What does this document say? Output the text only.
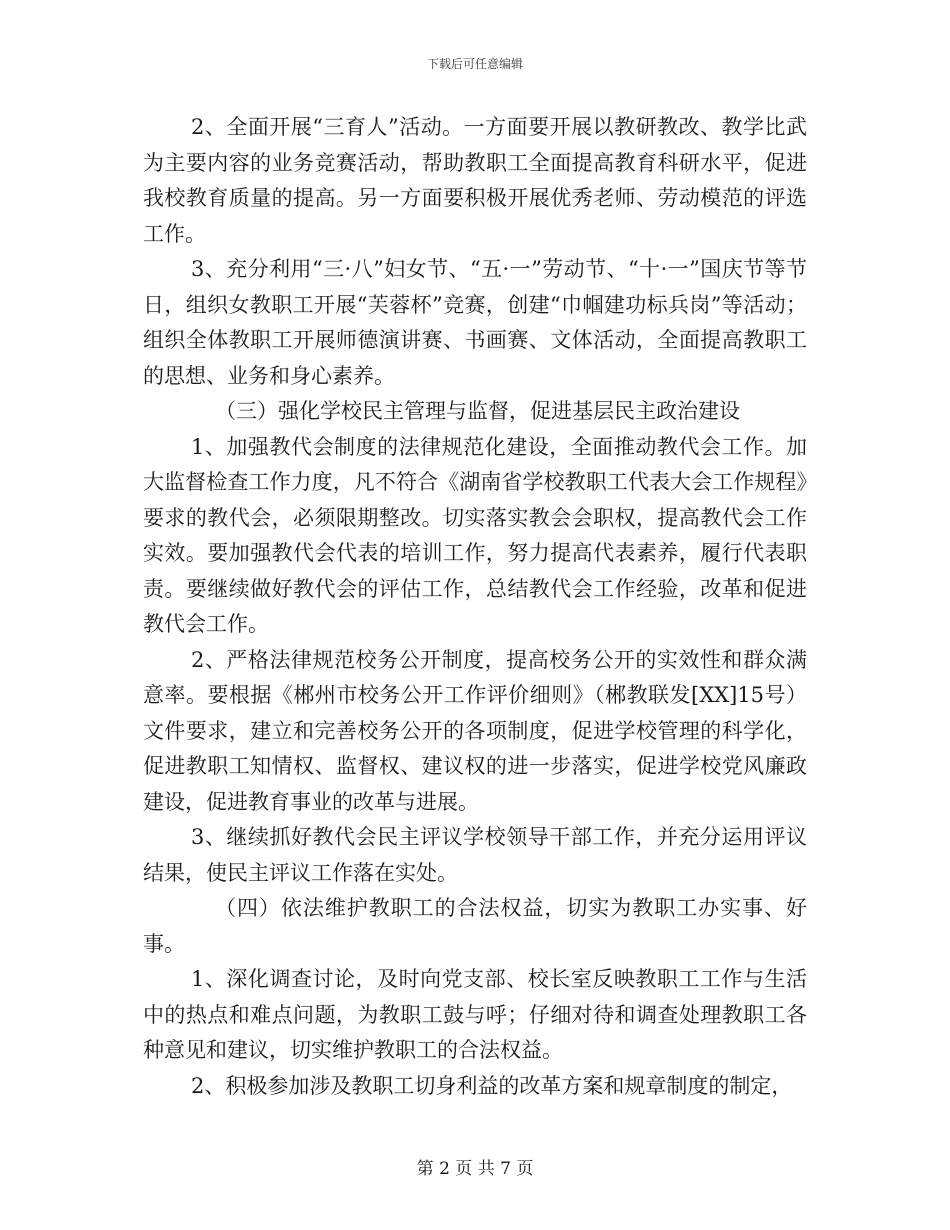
下载后可任意编辑

2、全面开展“三育人”活动。一方面要开展以教研教改、教学比武为主要内容的业务竞赛活动，帮助教职工全面提高教育科研水平，促进我校教育质量的提高。另一方面要积极开展优秀老师、劳动模范的评选工作。

3、充分利用“三·八”妇女节、“五·一”劳动节、“十·一”国庆节等节日，组织女教职工开展“芙蓉杯”竞赛，创建“巾帼建功标兵岗”等活动；组织全体教职工开展师德演讲赛、书画赛、文体活动，全面提高教职工的思想、业务和身心素养。

（三）强化学校民主管理与监督，促进基层民主政治建设

1、加强教代会制度的法律规范化建设，全面推动教代会工作。加大监督检查工作力度，凡不符合《湖南省学校教职工代表大会工作规程》要求的教代会，必须限期整改。切实落实教会会职权，提高教代会工作实效。要加强教代会代表的培训工作，努力提高代表素养，履行代表职责。要继续做好教代会的评估工作，总结教代会工作经验，改革和促进教代会工作。

2、严格法律规范校务公开制度，提高校务公开的实效性和群众满意率。要根据《郴州市校务公开工作评价细则》（郴教联发[XX]15号）文件要求，建立和完善校务公开的各项制度，促进学校管理的科学化，促进教职工知情权、监督权、建议权的进一步落实，促进学校党风廉政建设，促进教育事业的改革与进展。

3、继续抓好教代会民主评议学校领导干部工作，并充分运用评议结果，使民主评议工作落在实处。

（四）依法维护教职工的合法权益，切实为教职工办实事、好事。

1、深化调查讨论，及时向党支部、校长室反映教职工工作与生活中的热点和难点问题，为教职工鼓与呼；仔细对待和调查处理教职工各种意见和建议，切实维护教职工的合法权益。

2、积极参加涉及教职工切身利益的改革方案和规章制度的制定，

第 2 页 共 7 页
